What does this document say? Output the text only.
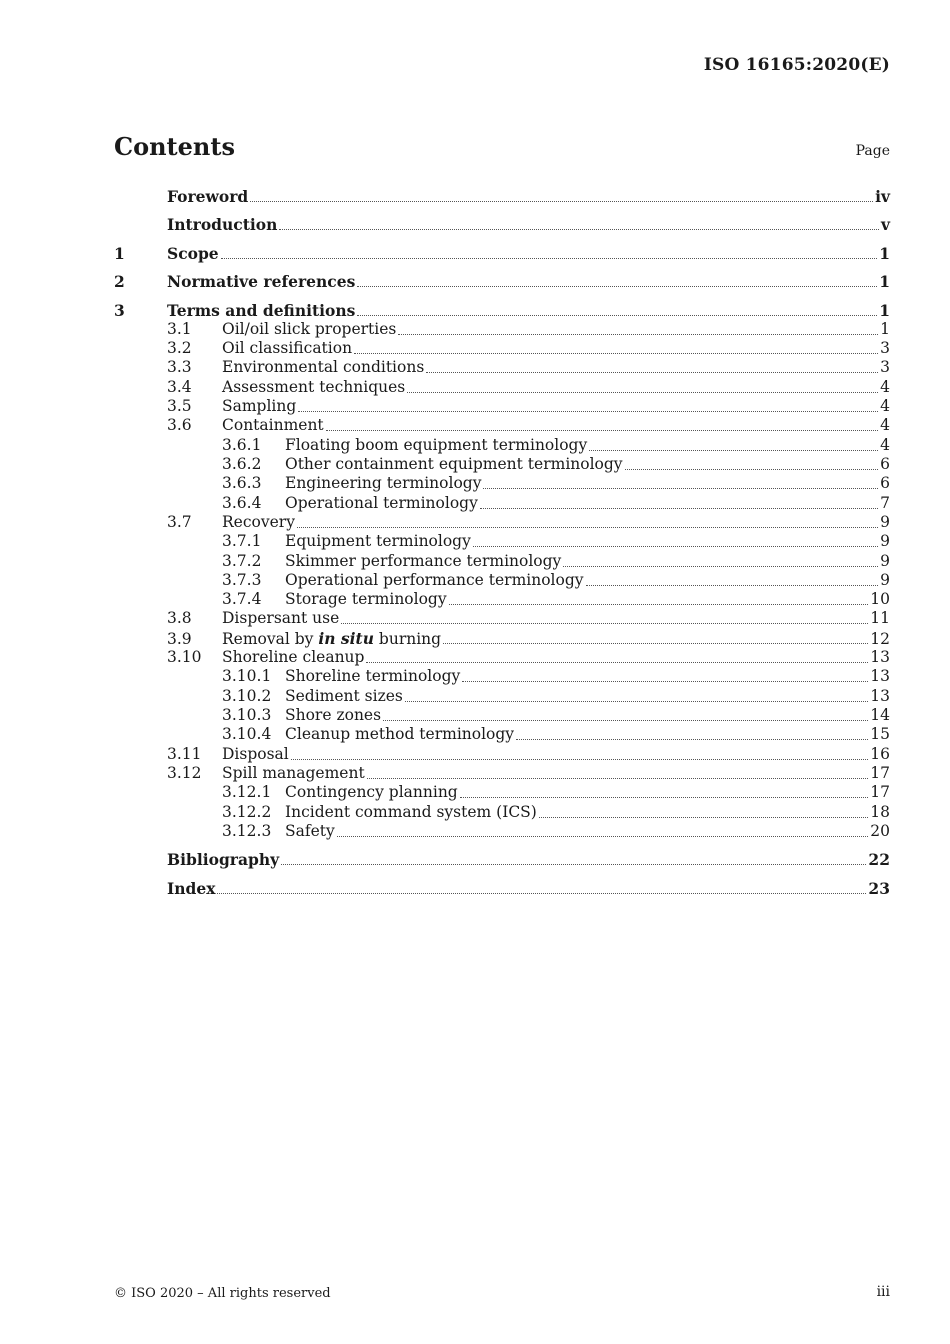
ISO 16165:2020(E)
Contents	Page
Foreword	iv
Introduction	v
1	Scope	1
2	Normative references	1
3	Terms and definitions	1
3.1	Oil/oil slick properties	1
3.2	Oil classification	3
3.3	Environmental conditions	3
3.4	Assessment techniques	4
3.5	Sampling	4
3.6	Containment	4
3.6.1	Floating boom equipment terminology	4
3.6.2	Other containment equipment terminology	6
3.6.3	Engineering terminology	6
3.6.4	Operational terminology	7
3.7	Recovery	9
3.7.1	Equipment terminology	9
3.7.2	Skimmer performance terminology	9
3.7.3	Operational performance terminology	9
3.7.4	Storage terminology	10
3.8	Dispersant use	11
3.9	Removal by in situ burning	12
3.10	Shoreline cleanup	13
3.10.1 Shoreline terminology	13
3.10.2 Sediment sizes	13
3.10.3 Shore zones	14
3.10.4 Cleanup method terminology	15
3.11	Disposal	16
3.12	Spill management	17
3.12.1 Contingency planning	17
3.12.2 Incident command system (ICS)	18
3.12.3 Safety	20
Bibliography	22
Index	23
© ISO 2020 – All rights reserved	iii
